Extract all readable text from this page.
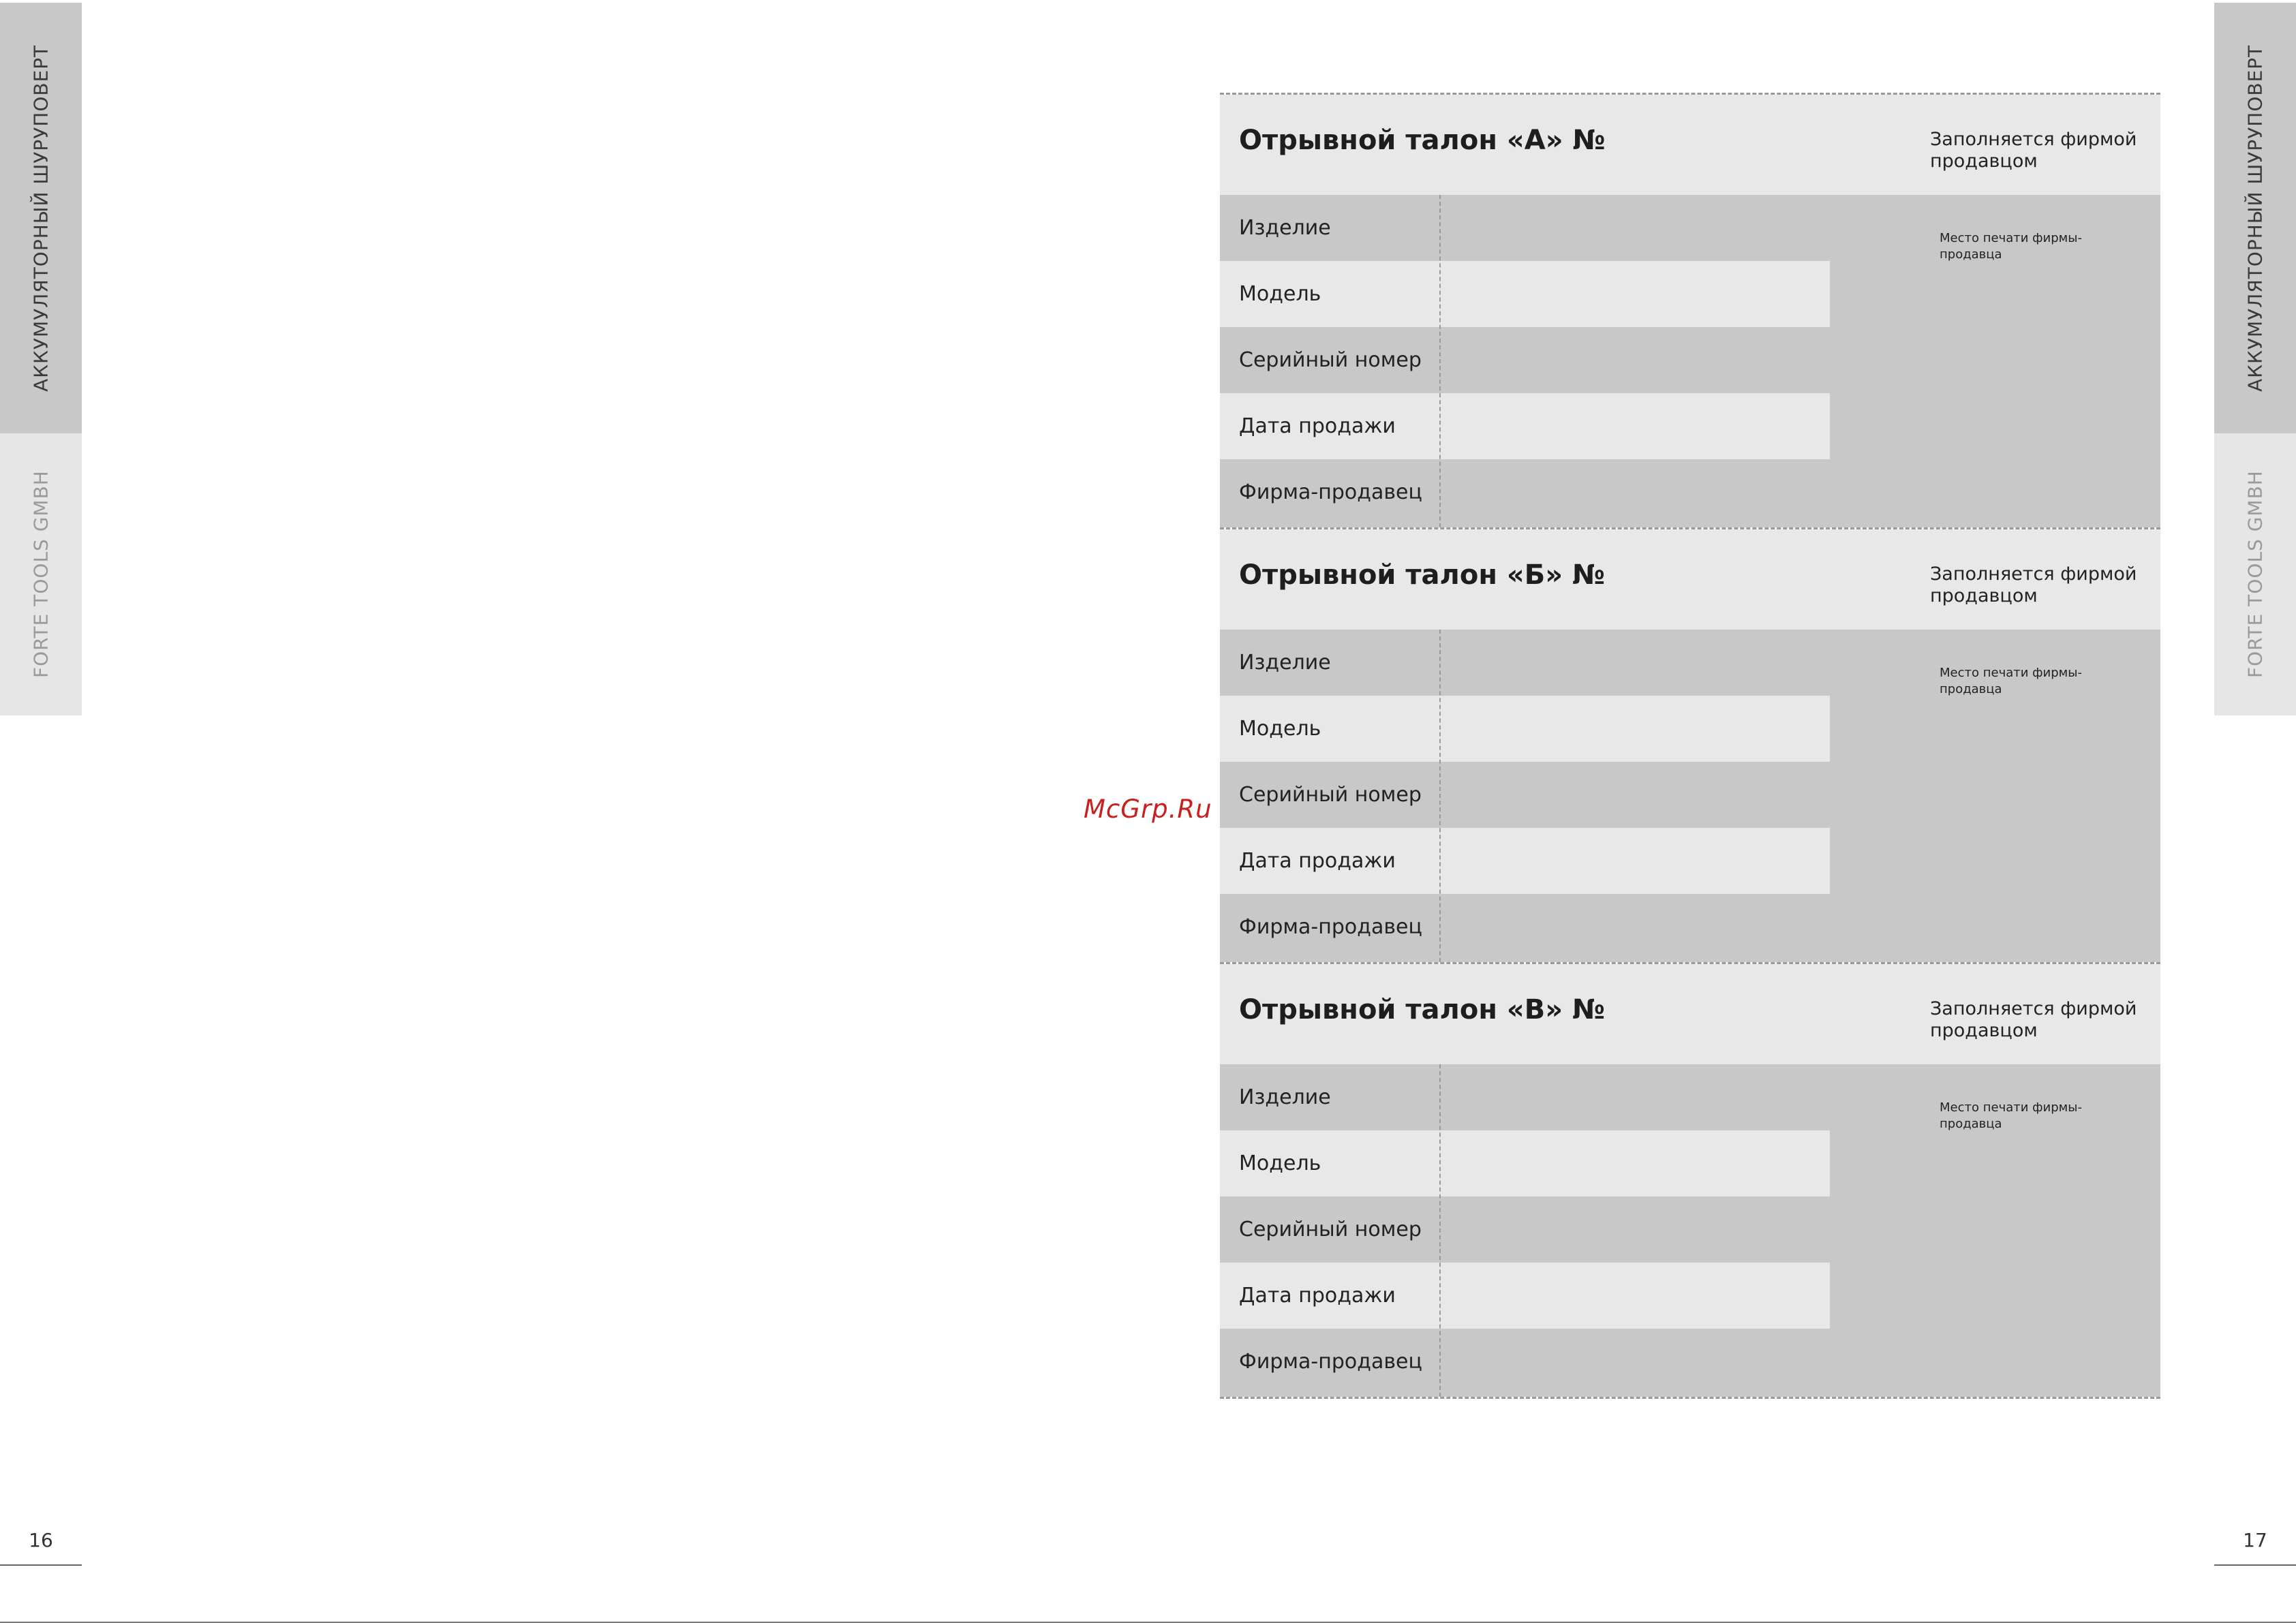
АККУМУЛЯТОРНЫЙ ШУРУПОВЕРТ
FORTE TOOLS GMBH
АККУМУЛЯТОРНЫЙ ШУРУПОВЕРТ
FORTE TOOLS GMBH
16	17
McGrp.Ru
Отрывной талон «А» №	Заполняется фирмой продавцом
Изделие
Модель
Серийный номер
Дата продажи
Фирма-продавец
Место печати фирмы-продавца
Отрывной талон «Б» №	Заполняется фирмой продавцом
Изделие
Модель
Серийный номер
Дата продажи
Фирма-продавец
Место печати фирмы-продавца
Отрывной талон «В» №	Заполняется фирмой продавцом
Изделие
Модель
Серийный номер
Дата продажи
Фирма-продавец
Место печати фирмы-продавца
